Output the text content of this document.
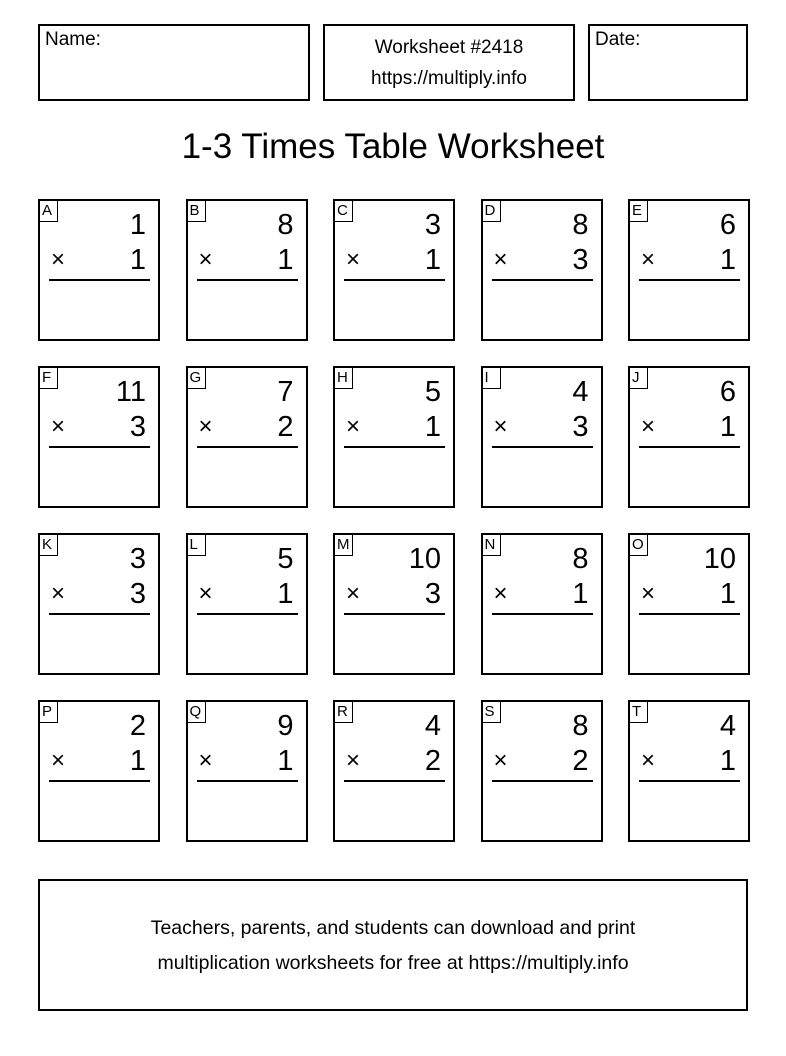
Name:	Worksheet #2418
https://multiply.info
Date:
1-3 Times Table Worksheet
A	1
× 1
B	8
× 1
C	3
× 1
D	8
× 3
E	6
× 1
F 11
× 3
G	7
× 2
H	5
× 1
I	4
× 3
J	6
× 1
K	3
× 3
L	5
× 1
M 10
× 3
N	8
× 1
O 10
× 1
P	2
× 1
Q	9
× 1
R	4
× 2
S	8
× 2
T	4
× 1
Teachers, parents, and students can download and print
multiplication worksheets for free at https://multiply.info
